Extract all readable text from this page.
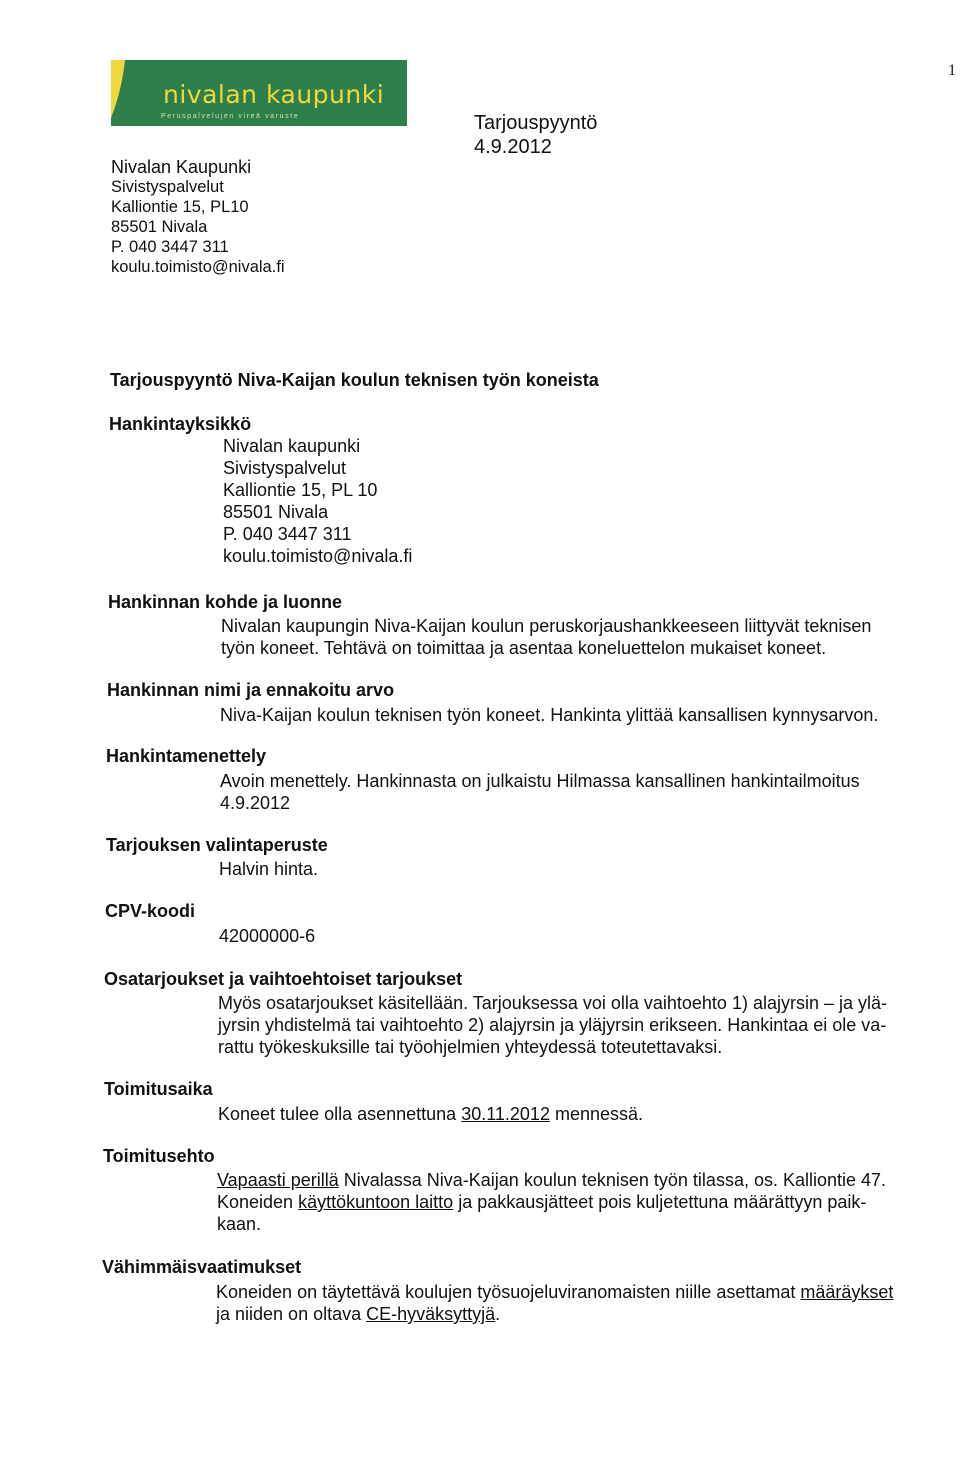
nivalan kaupunki
Peruspalvelujen vireä varuste
1
Tarjouspyyntö
4.9.2012
Nivalan Kaupunki
Sivistyspalvelut
Kalliontie 15, PL10
85501 Nivala
P. 040 3447 311
koulu.toimisto@nivala.fi
Tarjouspyyntö Niva-Kaijan koulun teknisen työn koneista
Hankintayksikkö
Nivalan kaupunki
Sivistyspalvelut
Kalliontie 15, PL 10
85501 Nivala
P. 040 3447 311
koulu.toimisto@nivala.fi
Hankinnan kohde ja luonne
Nivalan kaupungin Niva-Kaijan koulun peruskorjaushankkeeseen liittyvät teknisen
työn koneet. Tehtävä on toimittaa ja asentaa koneluettelon mukaiset koneet.
Hankinnan nimi ja ennakoitu arvo
Niva-Kaijan koulun teknisen työn koneet. Hankinta ylittää kansallisen kynnysarvon.
Hankintamenettely
Avoin menettely. Hankinnasta on julkaistu Hilmassa kansallinen hankintailmoitus
4.9.2012
Tarjouksen valintaperuste
Halvin hinta.
CPV-koodi
42000000-6
Osatarjoukset ja vaihtoehtoiset tarjoukset
Myös osatarjoukset käsitellään. Tarjouksessa voi olla vaihtoehto 1) alajyrsin – ja ylä-
jyrsin yhdistelmä tai vaihtoehto 2) alajyrsin ja yläjyrsin erikseen. Hankintaa ei ole va-
rattu työkeskuksille tai työohjelmien yhteydessä toteutettavaksi.
Toimitusaika
Koneet tulee olla asennettuna 30.11.2012 mennessä.
Toimitusehto
Vapaasti perillä Nivalassa Niva-Kaijan koulun teknisen työn tilassa, os. Kalliontie 47.
Koneiden käyttökuntoon laitto ja pakkausjätteet pois kuljetettuna määrättyyn paik-
kaan.
Vähimmäisvaatimukset
Koneiden on täytettävä koulujen työsuojeluviranomaisten niille asettamat määräykset
ja niiden on oltava CE-hyväksyttyjä.
